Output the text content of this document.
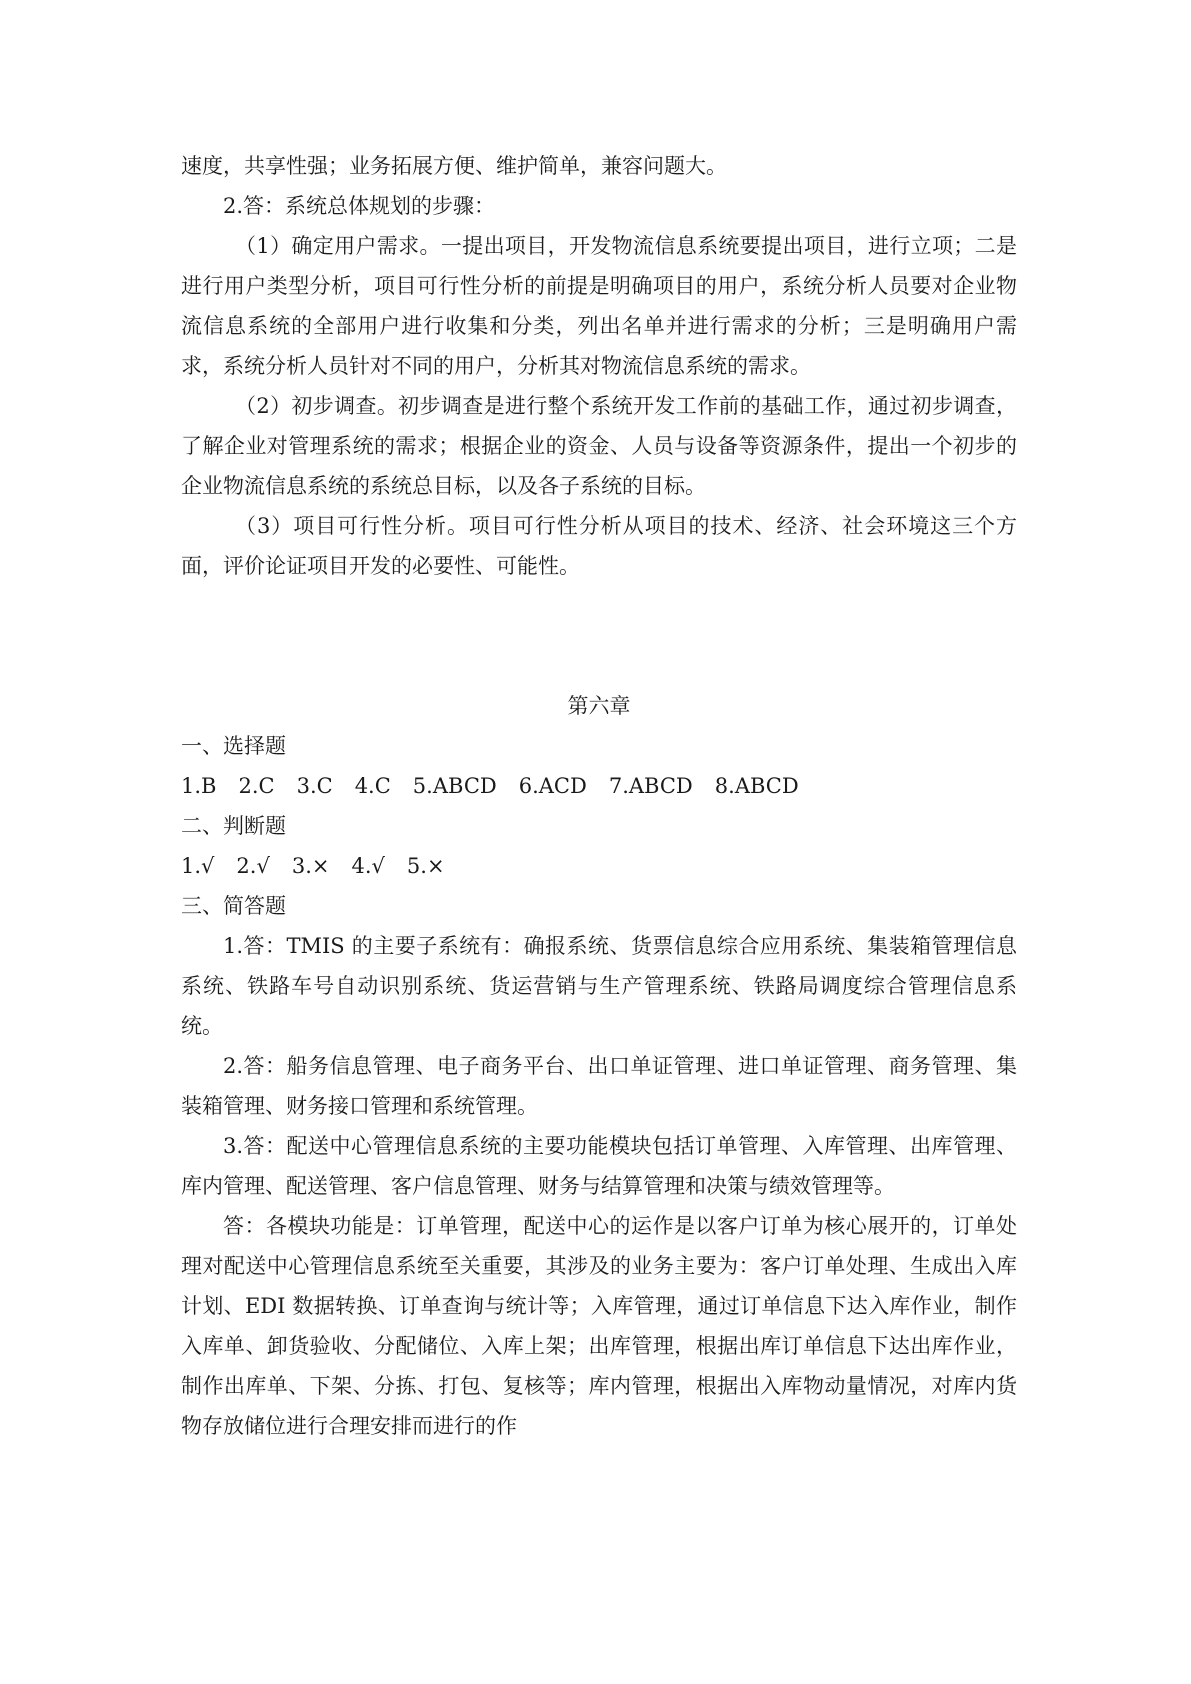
速度，共享性强；业务拓展方便、维护简单，兼容问题大。

2.答：系统总体规划的步骤：

（1）确定用户需求。一提出项目，开发物流信息系统要提出项目，进行立项；二是进行用户类型分析，项目可行性分析的前提是明确项目的用户，系统分析人员要对企业物流信息系统的全部用户进行收集和分类，列出名单并进行需求的分析；三是明确用户需求，系统分析人员针对不同的用户，分析其对物流信息系统的需求。

（2）初步调查。初步调查是进行整个系统开发工作前的基础工作，通过初步调查，了解企业对管理系统的需求；根据企业的资金、人员与设备等资源条件，提出一个初步的企业物流信息系统的系统总目标，以及各子系统的目标。

（3）项目可行性分析。项目可行性分析从项目的技术、经济、社会环境这三个方面，评价论证项目开发的必要性、可能性。

第六章

一、选择题

1.B 2.C 3.C 4.C 5.ABCD 6.ACD 7.ABCD 8.ABCD

二、判断题

1.√ 2.√ 3.× 4.√ 5.×

三、简答题

1.答：TMIS 的主要子系统有：确报系统、货票信息综合应用系统、集装箱管理信息系统、铁路车号自动识别系统、货运营销与生产管理系统、铁路局调度综合管理信息系统。

2.答：船务信息管理、电子商务平台、出口单证管理、进口单证管理、商务管理、集装箱管理、财务接口管理和系统管理。

3.答：配送中心管理信息系统的主要功能模块包括订单管理、入库管理、出库管理、库内管理、配送管理、客户信息管理、财务与结算管理和决策与绩效管理等。

答：各模块功能是：订单管理，配送中心的运作是以客户订单为核心展开的，订单处理对配送中心管理信息系统至关重要，其涉及的业务主要为：客户订单处理、生成出入库计划、EDI 数据转换、订单查询与统计等；入库管理，通过订单信息下达入库作业，制作入库单、卸货验收、分配储位、入库上架；出库管理，根据出库订单信息下达出库作业，制作出库单、下架、分拣、打包、复核等；库内管理，根据出入库物动量情况，对库内货物存放储位进行合理安排而进行的作
